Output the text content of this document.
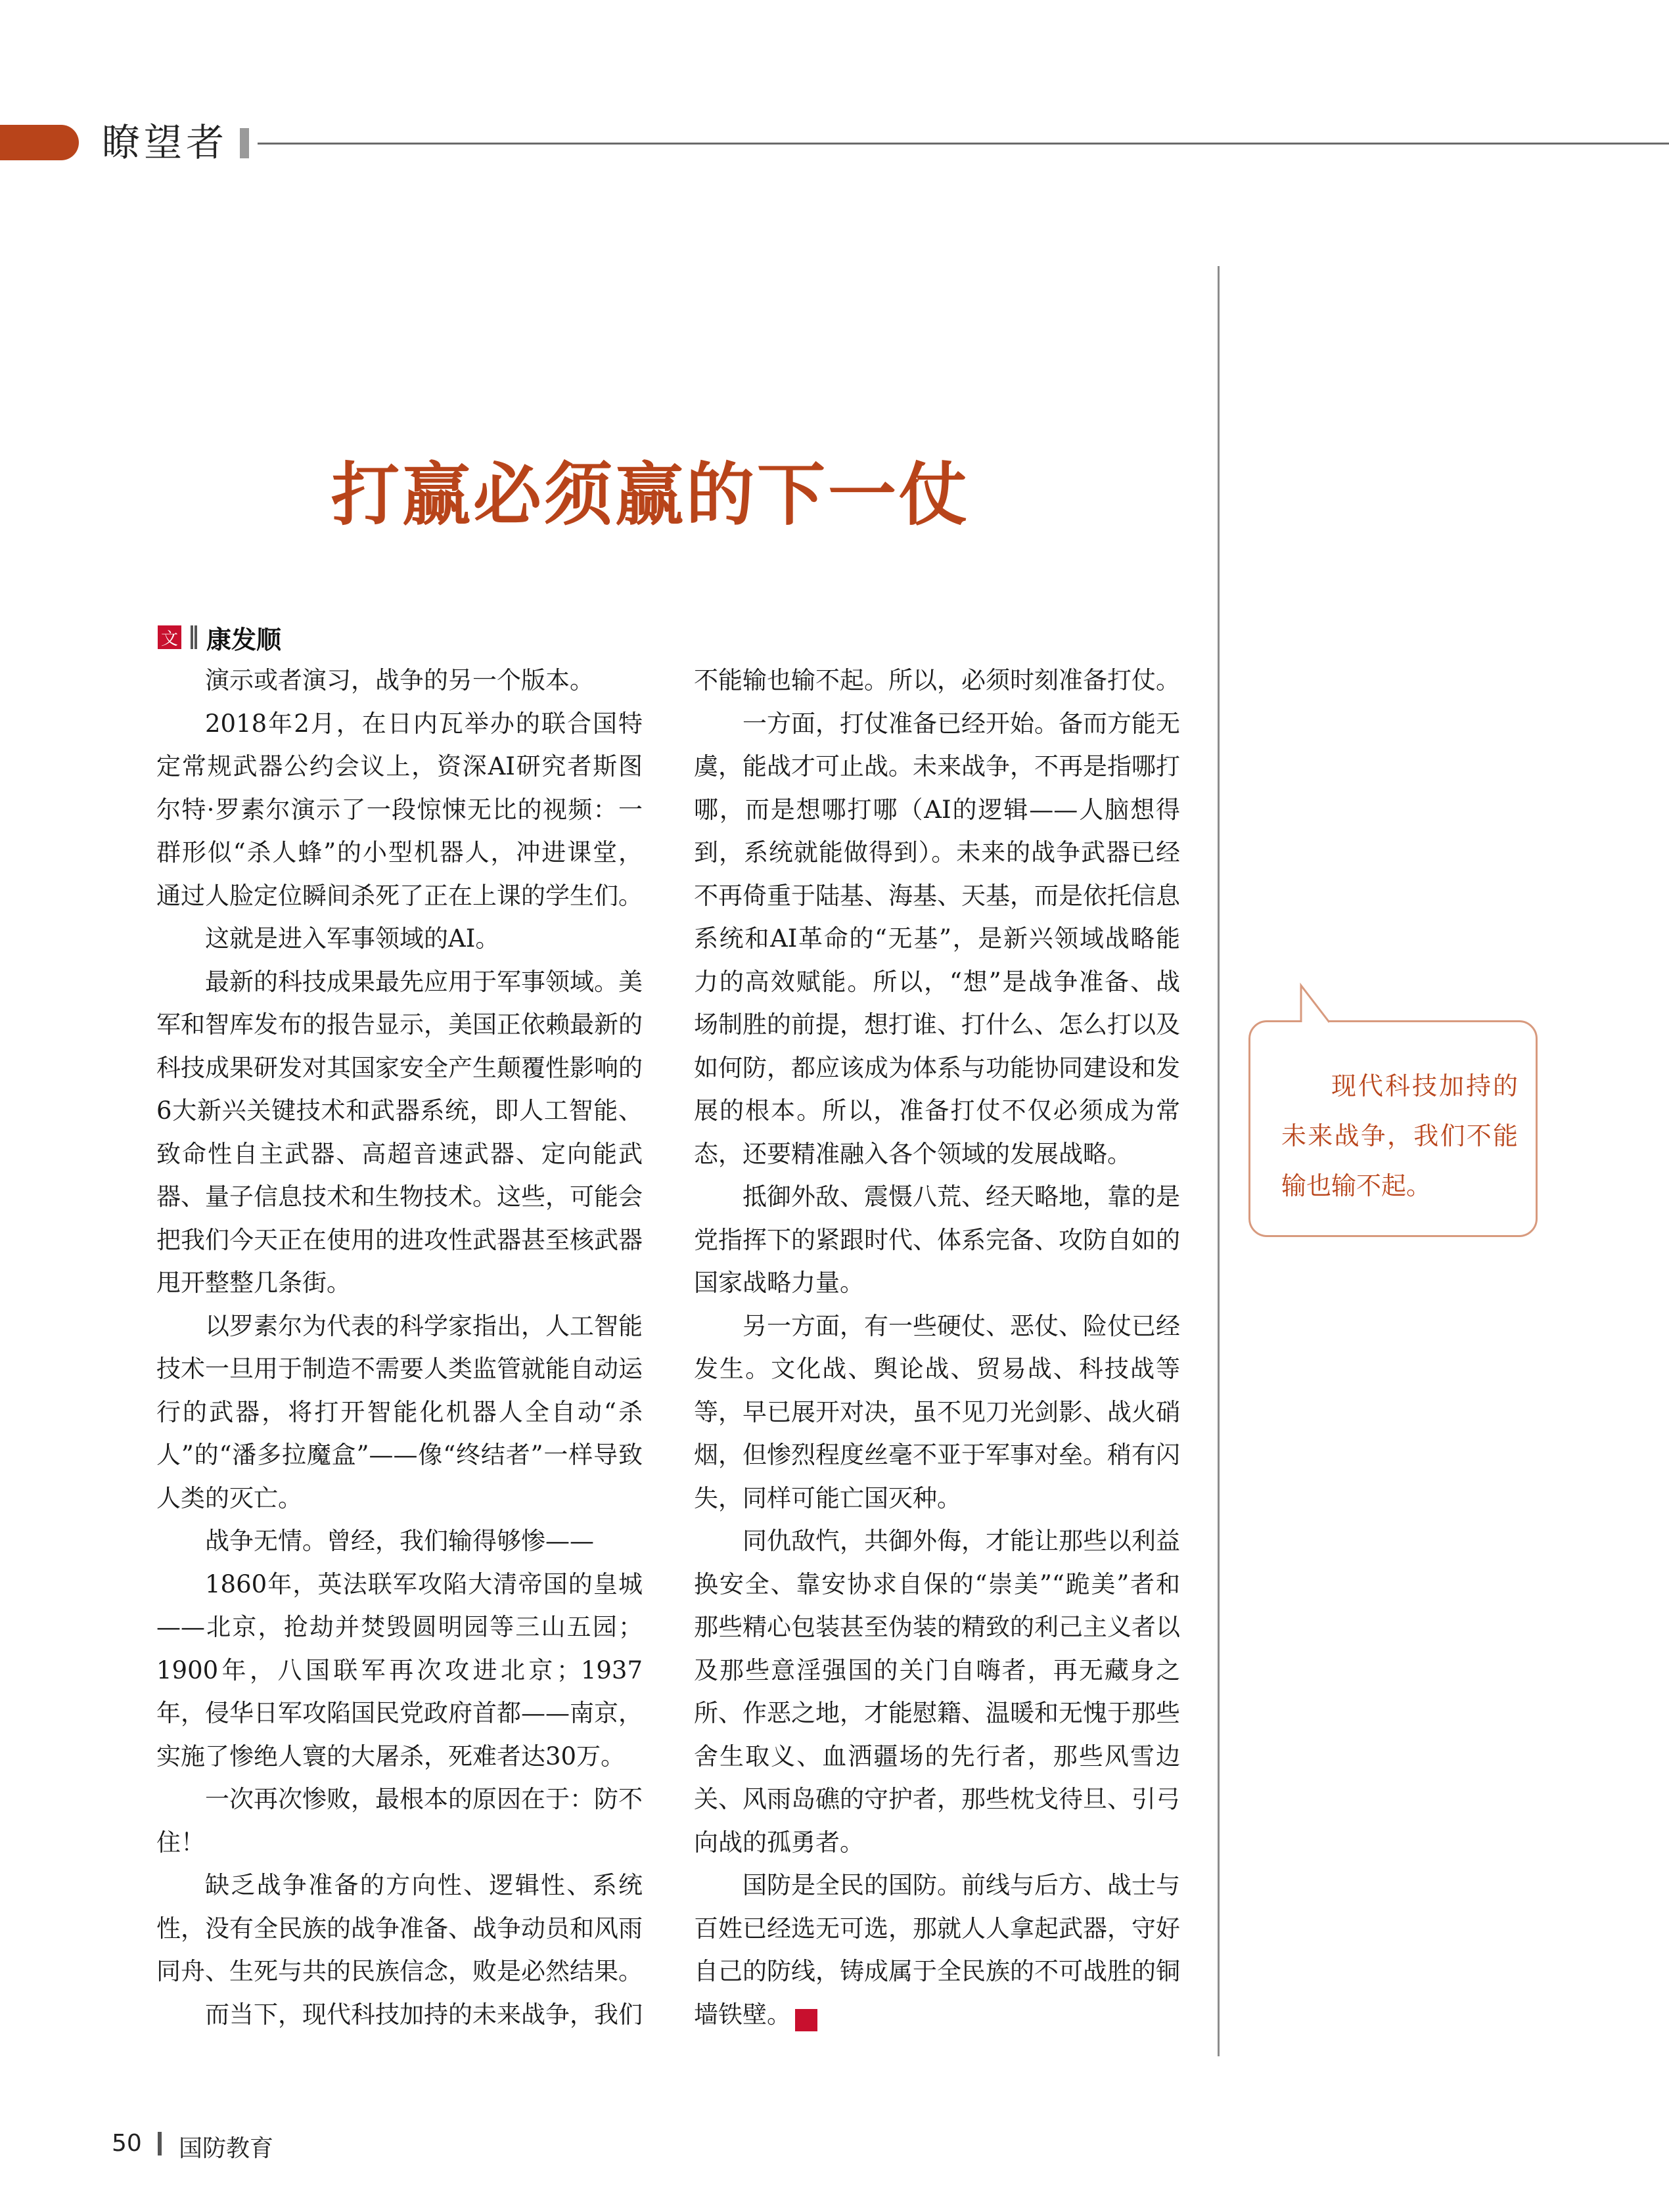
瞭望者
打赢必须赢的下一仗
文 康发顺

演示或者演习，战争的另一个版本。

2018年2月，在日内瓦举办的联合国特定常规武器公约会议上，资深AI研究者斯图尔特·罗素尔演示了一段惊悚无比的视频：一群形似“杀人蜂”的小型机器人，冲进课堂，通过人脸定位瞬间杀死了正在上课的学生们。

这就是进入军事领域的AI。

最新的科技成果最先应用于军事领域。美军和智库发布的报告显示，美国正依赖最新的科技成果研发对其国家安全产生颠覆性影响的6大新兴关键技术和武器系统，即人工智能、致命性自主武器、高超音速武器、定向能武器、量子信息技术和生物技术。这些，可能会把我们今天正在使用的进攻性武器甚至核武器甩开整整几条街。

以罗素尔为代表的科学家指出，人工智能技术一旦用于制造不需要人类监管就能自动运行的武器，将打开智能化机器人全自动“杀人”的“潘多拉魔盒”——像“终结者”一样导致人类的灭亡。

战争无情。曾经，我们输得够惨——

1860年，英法联军攻陷大清帝国的皇城——北京，抢劫并焚毁圆明园等三山五园；1900年，八国联军再次攻进北京；1937年，侵华日军攻陷国民党政府首都——南京，实施了惨绝人寰的大屠杀，死难者达30万。

一次再次惨败，最根本的原因在于：防不住！

缺乏战争准备的方向性、逻辑性、系统性，没有全民族的战争准备、战争动员和风雨同舟、生死与共的民族信念，败是必然结果。

而当下，现代科技加持的未来战争，我们

不能输也输不起。所以，必须时刻准备打仗。

一方面，打仗准备已经开始。备而方能无虞，能战才可止战。未来战争，不再是指哪打哪，而是想哪打哪（AI的逻辑——人脑想得到，系统就能做得到）。未来的战争武器已经不再倚重于陆基、海基、天基，而是依托信息系统和AI革命的“无基”，是新兴领域战略能力的高效赋能。所以，“想”是战争准备、战场制胜的前提，想打谁、打什么、怎么打以及如何防，都应该成为体系与功能协同建设和发展的根本。所以，准备打仗不仅必须成为常态，还要精准融入各个领域的发展战略。

抵御外敌、震慑八荒、经天略地，靠的是党指挥下的紧跟时代、体系完备、攻防自如的国家战略力量。

另一方面，有一些硬仗、恶仗、险仗已经发生。文化战、舆论战、贸易战、科技战等等，早已展开对决，虽不见刀光剑影、战火硝烟，但惨烈程度丝毫不亚于军事对垒。稍有闪失，同样可能亡国灭种。

同仇敌忾，共御外侮，才能让那些以利益换安全、靠安协求自保的“崇美”“跪美”者和那些精心包装甚至伪装的精致的利己主义者以及那些意淫强国的关门自嗨者，再无藏身之所、作恶之地，才能慰籍、温暖和无愧于那些舍生取义、血洒疆场的先行者，那些风雪边关、风雨岛礁的守护者，那些枕戈待旦、引弓向战的孤勇者。

国防是全民的国防。前线与后方、战士与百姓已经选无可选，那就人人拿起武器，守好自己的防线，铸成属于全民族的不可战胜的铜墙铁壁。	G

现代科技加持的未来战争，我们不能输也输不起。
50 国防教育
